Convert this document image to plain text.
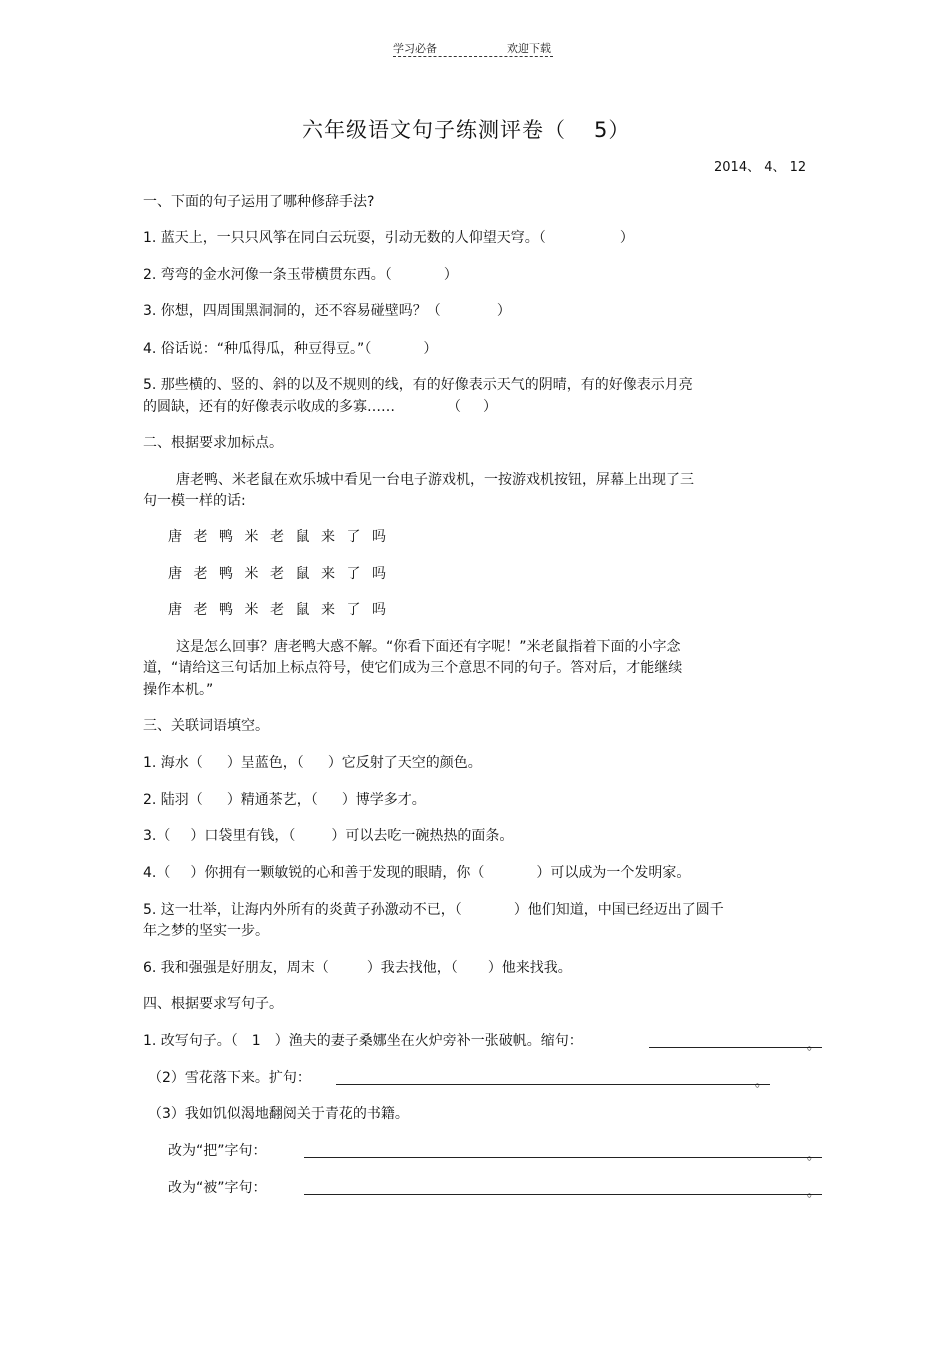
学习必备	欢迎下载
六年级语文句子练测评卷（ 5）
2014、 4、 12
一、下面的句子运用了哪种修辞手法?
1. 蓝天上，一只只风筝在同白云玩耍，引动无数的人仰望天穹。（	）
2. 弯弯的金水河像一条玉带横贯东西。（	）
3. 你想，四周围黑洞洞的，还不容易碰壁吗？（	）
4. 俗话说：“种瓜得瓜，种豆得豆。”（	）
5. 那些横的、竖的、斜的以及不规则的线，有的好像表示天气的阴晴，有的好像表示月亮
的圆缺，还有的好像表示收成的多寡……	（ ）
二、根据要求加标点。
唐老鸭、米老鼠在欢乐城中看见一台电子游戏机，一按游戏机按钮，屏幕上出现了三
句一模一样的话:
唐 老 鸭 米 老 鼠 来 了 吗
唐 老 鸭 米 老 鼠 来 了 吗
唐 老 鸭 米 老 鼠 来 了 吗
这是怎么回事？唐老鸭大惑不解。“你看下面还有字呢！”米老鼠指着下面的小字念
道，“请给这三句话加上标点符号，使它们成为三个意思不同的句子。答对后，才能继续
操作本机。”
三、关联词语填空。
1. 海水（ ）呈蓝色，（ ）它反射了天空的颜色。
2. 陆羽（ ）精通茶艺，（ ）博学多才。
3.（ ）口袋里有钱，（	）可以去吃一碗热热的面条。
4.（ ）你拥有一颗敏锐的心和善于发现的眼睛，你（	）可以成为一个发明家。
5. 这一壮举，让海内外所有的炎黄子孙激动不已，（	）他们知道，中国已经迈出了圆千
年之梦的坚实一步。
6. 我和强强是好朋友，周末（	）我去找他，（ ）他来找我。
四、根据要求写句子。
1. 改写句子。（　1　）渔夫的妻子桑娜坐在火炉旁补一张破帆。缩句：	。
（2）雪花落下来。扩句：	。
（3）我如饥似渴地翻阅关于青花的书籍。
改为“把”字句：	。
改为“被”字句：	。
